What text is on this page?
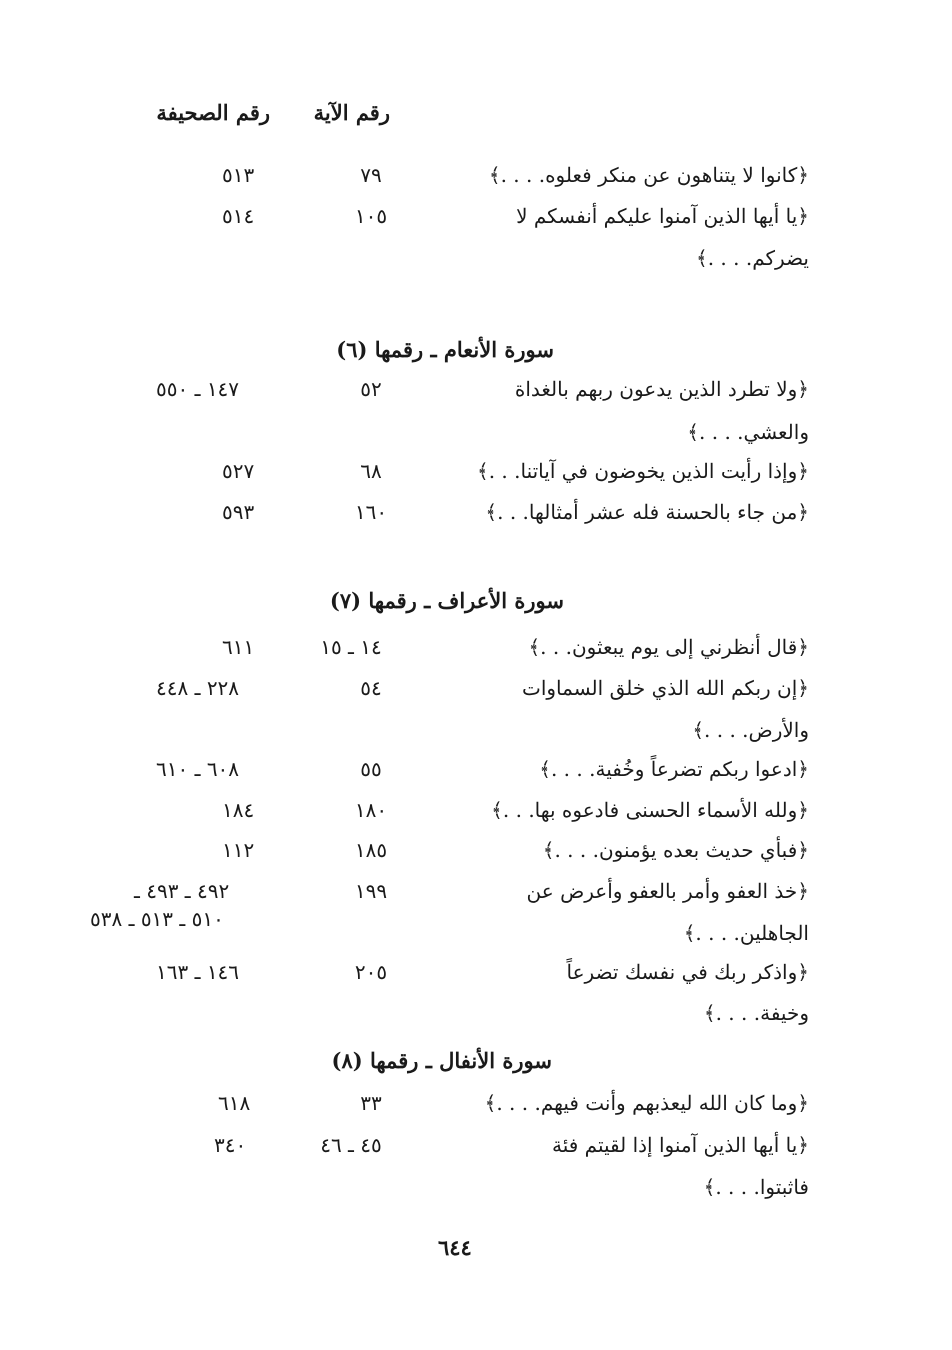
رقم الآية
رقم الصحيفة
﴿كانوا لا يتناهون عن منكر فعلوه. . . .﴾
٧٩
٥١٣
﴿يا أيها الذين آمنوا عليكم أنفسكم لا
١٠٥
٥١٤
يضركم. . . .﴾
سورة الأنعام ـ رقمها (٦)
﴿ولا تطرد الذين يدعون ربهم بالغداة
٥٢
١٤٧ ـ ٥٥٠
والعشي. . . .﴾
﴿وإذا رأيت الذين يخوضون في آياتنا. . .﴾
٦٨
٥٢٧
﴿من جاء بالحسنة فله عشر أمثالها. . .﴾
١٦٠
٥٩٣
سورة الأعراف ـ رقمها (٧)
﴿قال أنظرني إلى يوم يبعثون. . .﴾
١٤ ـ ١٥
٦١١
﴿إن ربكم الله الذي خلق السماوات
٥٤
٢٢٨ ـ ٤٤٨
والأرض. . . .﴾
﴿ادعوا ربكم تضرعاً وخُفية. . . .﴾
٥٥
٦٠٨ ـ ٦١٠
﴿ولله الأسماء الحسنى فادعوه بها. . .﴾
١٨٠
١٨٤
﴿فبأي حديث بعده يؤمنون. . . .﴾
١٨٥
١١٢
﴿خذ العفو وأمر بالعفو وأعرض عن
١٩٩
٤٩٢ ـ ٤٩٣ ـ
الجاهلين. . . .﴾
٥١٠ ـ ٥١٣ ـ ٥٣٨
﴿واذكر ربك في نفسك تضرعاً
٢٠٥
١٤٦ ـ ١٦٣
وخيفة. . . .﴾
سورة الأنفال ـ رقمها (٨)
﴿وما كان الله ليعذبهم وأنت فيهم. . . .﴾
٣٣
٦١٨
﴿يا أيها الذين آمنوا إذا لقيتم فئة
٤٥ ـ ٤٦
٣٤٠
فاثبتوا. . . .﴾
٦٤٤
